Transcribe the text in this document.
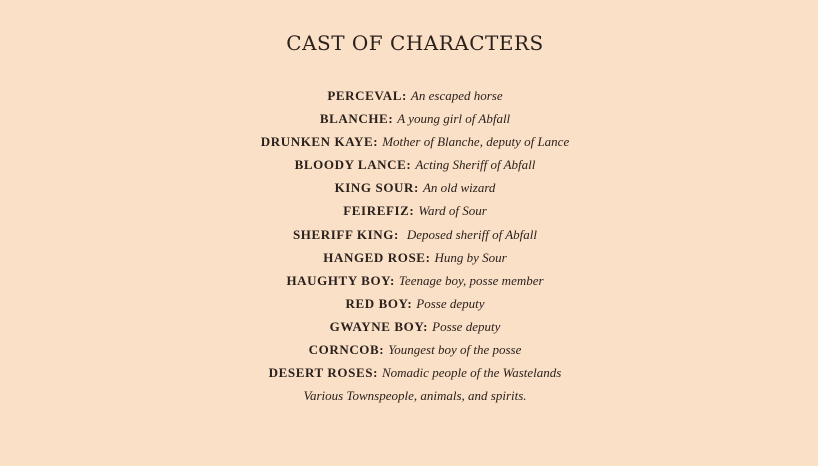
CAST OF CHARACTERS
PERCEVAL: An escaped horse
BLANCHE: A young girl of Abfall
DRUNKEN KAYE: Mother of Blanche, deputy of Lance
BLOODY LANCE: Acting Sheriff of Abfall
KING SOUR: An old wizard
FEIREFIZ: Ward of Sour
SHERIFF KING: Deposed sheriff of Abfall
HANGED ROSE: Hung by Sour
HAUGHTY BOY: Teenage boy, posse member
RED BOY: Posse deputy
GWAYNE BOY: Posse deputy
CORNCOB: Youngest boy of the posse
DESERT ROSES: Nomadic people of the Wastelands
Various Townspeople, animals, and spirits.
